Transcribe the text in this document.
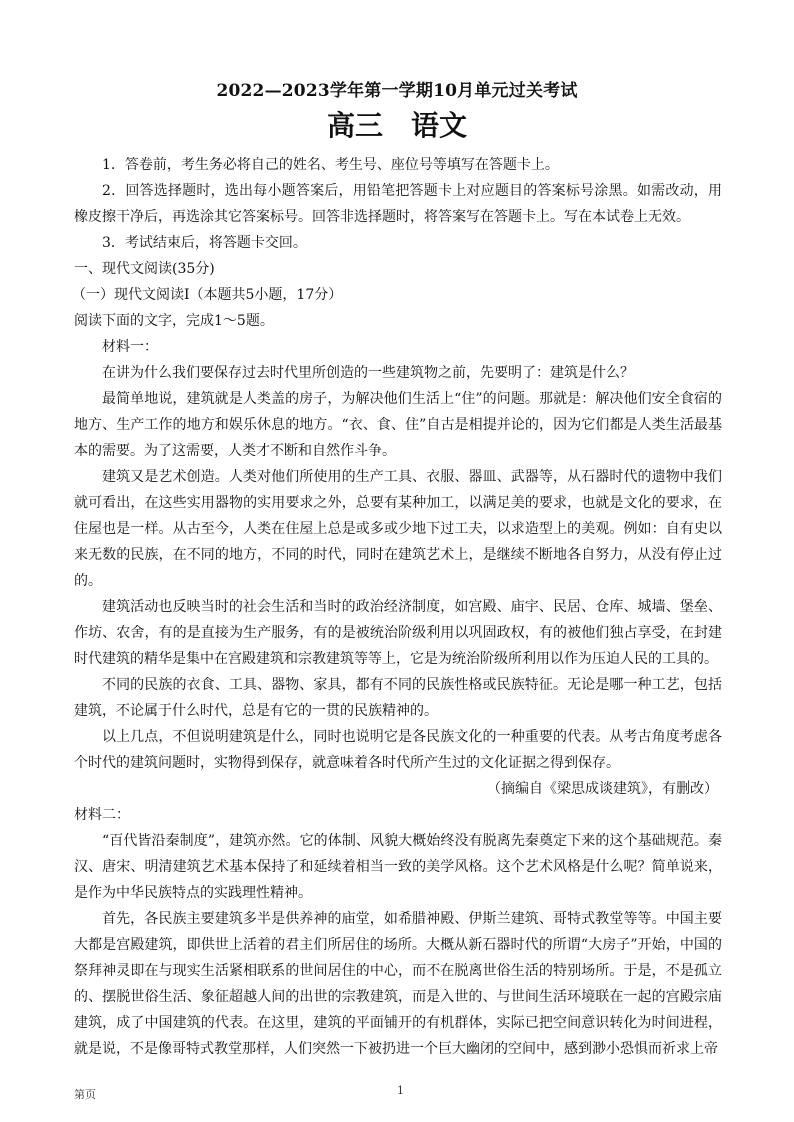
2022—2023学年第一学期10月单元过关考试
高三　语文

1．答卷前，考生务必将自己的姓名、考生号、座位号等填写在答题卡上。

2．回答选择题时，选出每小题答案后，用铅笔把答题卡上对应题目的答案标号涂黑。如需改动，用橡皮擦干净后，再选涂其它答案标号。回答非选择题时，将答案写在答题卡上。写在本试卷上无效。

3．考试结束后，将答题卡交回。

一、现代文阅读(35分)

（一）现代文阅读Ⅰ（本题共5小题，17分）

阅读下面的文字，完成1～5题。

材料一：

在讲为什么我们要保存过去时代里所创造的一些建筑物之前，先要明了：建筑是什么？

最简单地说，建筑就是人类盖的房子，为解决他们生活上“住”的问题。那就是：解决他们安全食宿的地方、生产工作的地方和娱乐休息的地方。“衣、食、住”自古是相提并论的，因为它们都是人类生活最基本的需要。为了这需要，人类才不断和自然作斗争。

建筑又是艺术创造。人类对他们所使用的生产工具、衣服、器皿、武器等，从石器时代的遗物中我们就可看出，在这些实用器物的实用要求之外，总要有某种加工，以满足美的要求，也就是文化的要求，在住屋也是一样。从古至今，人类在住屋上总是或多或少地下过工夫，以求造型上的美观。例如：自有史以来无数的民族，在不同的地方，不同的时代，同时在建筑艺术上，是继续不断地各自努力，从没有停止过的。

建筑活动也反映当时的社会生活和当时的政治经济制度，如宫殿、庙宇、民居、仓库、城墙、堡垒、作坊、农舍，有的是直接为生产服务，有的是被统治阶级利用以巩固政权，有的被他们独占享受，在封建时代建筑的精华是集中在宫殿建筑和宗教建筑等等上，它是为统治阶级所利用以作为压迫人民的工具的。

不同的民族的衣食、工具、器物、家具，都有不同的民族性格或民族特征。无论是哪一种工艺，包括建筑，不论属于什么时代，总是有它的一贯的民族精神的。

以上几点，不但说明建筑是什么，同时也说明它是各民族文化的一种重要的代表。从考古角度考虑各个时代的建筑问题时，实物得到保存，就意味着各时代所产生过的文化证据之得到保存。

（摘编自《梁思成谈建筑》，有删改）

材料二：

“百代皆沿秦制度”，建筑亦然。它的体制、风貌大概始终没有脱离先秦奠定下来的这个基础规范。秦汉、唐宋、明清建筑艺术基本保持了和延续着相当一致的美学风格。这个艺术风格是什么呢？简单说来，是作为中华民族特点的实践理性精神。

首先，各民族主要建筑多半是供养神的庙堂，如希腊神殿、伊斯兰建筑、哥特式教堂等等。中国主要大都是宫殿建筑，即供世上活着的君主们所居住的场所。大概从新石器时代的所谓“大房子”开始，中国的祭拜神灵即在与现实生活紧相联系的世间居住的中心，而不在脱离世俗生活的特别场所。于是，不是孤立的、摆脱世俗生活、象征超越人间的出世的宗教建筑，而是入世的、与世间生活环境联在一起的宫殿宗庙建筑，成了中国建筑的代表。在这里，建筑的平面铺开的有机群体，实际已把空间意识转化为时间进程，就是说，不是像哥特式教堂那样，人们突然一下被扔进一个巨大幽闭的空间中，感到渺小恐惧而祈求上帝

第页	1
